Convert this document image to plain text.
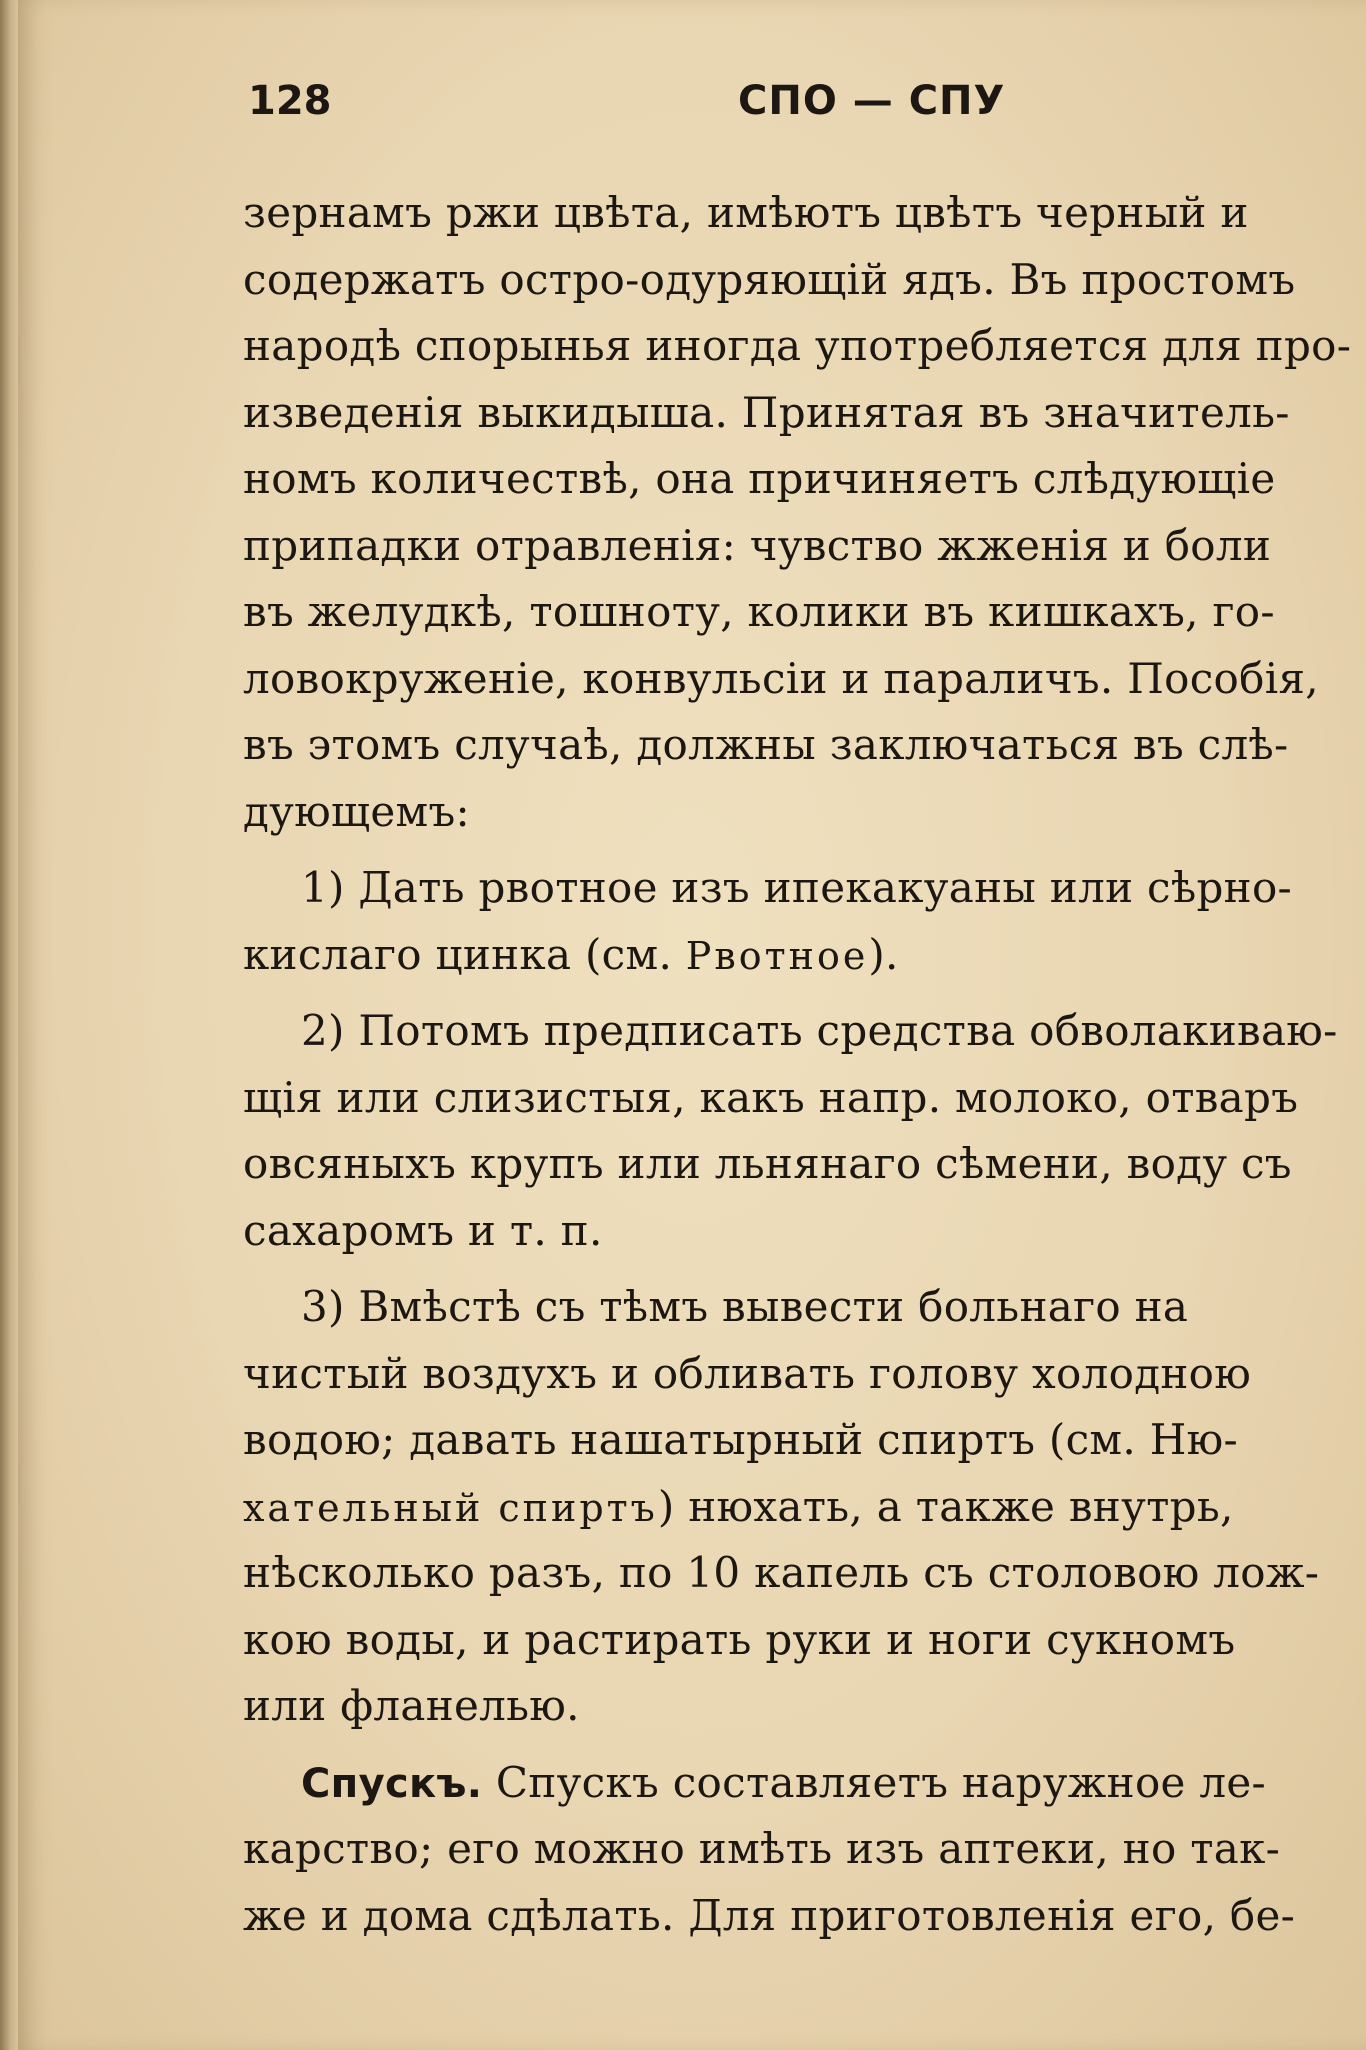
128	СПО — СПУ
зернамъ ржи цвѣта, имѣютъ цвѣтъ черный и
содержатъ остро-одуряющій ядъ. Въ простомъ
народѣ спорынья иногда употребляется для про-
изведенія выкидыша. Принятая въ значитель-
номъ количествѣ, она причиняетъ слѣдующіе
припадки отравленія: чувство жженія и боли
въ желудкѣ, тошноту, колики въ кишкахъ, го-
ловокруженіе, конвульсіи и параличъ. Пособія,
въ этомъ случаѣ, должны заключаться въ слѣ-
дующемъ:
1) Дать рвотное изъ ипекакуаны или сѣрно-
кислаго цинка (см. Рвотное).
2) Потомъ предписать средства обволакиваю-
щія или слизистыя, какъ напр. молоко, отваръ
овсяныхъ крупъ или льнянаго сѣмени, воду съ
сахаромъ и т. п.
3) Вмѣстѣ съ тѣмъ вывести больнаго на
чистый воздухъ и обливать голову холодною
водою; давать нашатырный спиртъ (см. Ню-
хательный спиртъ) нюхать, а также внутрь,
нѣсколько разъ, по 10 капель съ столовою лож-
кою воды, и растирать руки и ноги сукномъ
или фланелью.
Спускъ. Спускъ составляетъ наружное ле-
карство; его можно имѣть изъ аптеки, но так-
же и дома сдѣлать. Для приготовленія его, бе-
